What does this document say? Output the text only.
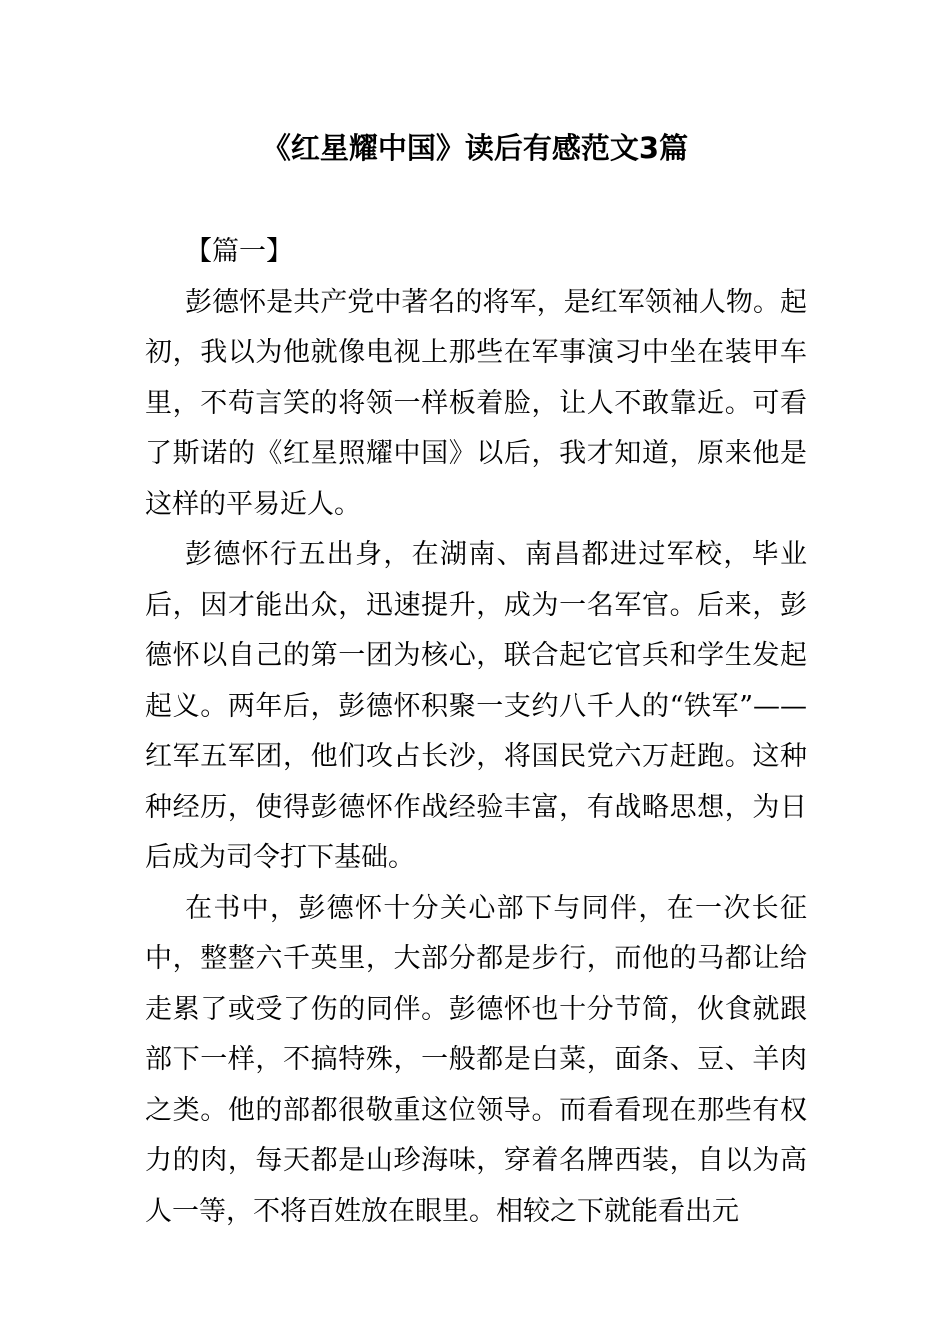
《红星耀中国》读后有感范文3篇

【篇一】

彭德怀是共产党中著名的将军，是红军领袖人物。起初，我以为他就像电视上那些在军事演习中坐在装甲车里，不苟言笑的将领一样板着脸，让人不敢靠近。可看了斯诺的《红星照耀中国》以后，我才知道，原来他是这样的平易近人。

彭德怀行五出身，在湖南、南昌都进过军校，毕业后，因才能出众，迅速提升，成为一名军官。后来，彭德怀以自己的第一团为核心，联合起它官兵和学生发起起义。两年后，彭德怀积聚一支约八千人的“铁军”——红军五军团，他们攻占长沙，将国民党六万赶跑。这种种经历，使得彭德怀作战经验丰富，有战略思想，为日后成为司令打下基础。

在书中，彭德怀十分关心部下与同伴，在一次长征中，整整六千英里，大部分都是步行，而他的马都让给走累了或受了伤的同伴。彭德怀也十分节简，伙食就跟部下一样，不搞特殊，一般都是白菜，面条、豆、羊肉之类。他的部都很敬重这位领导。而看看现在那些有权力的肉，每天都是山珍海味，穿着名牌西装，自以为高人一等，不将百姓放在眼里。相较之下就能看出元
